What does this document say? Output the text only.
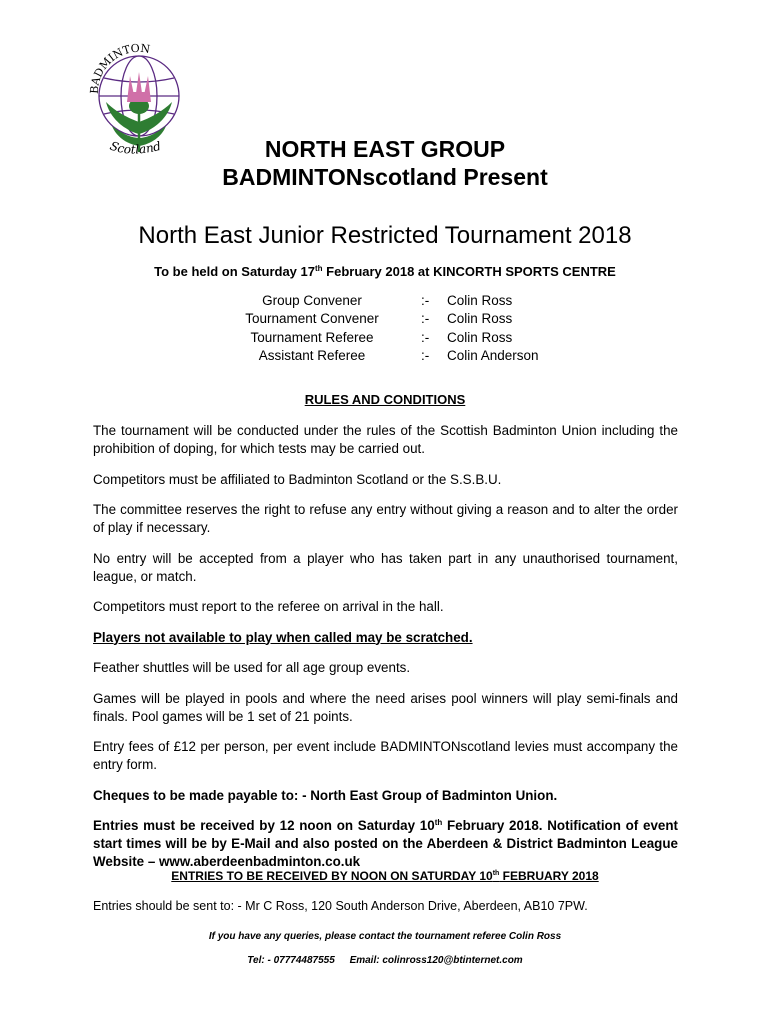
BADMINTON
Scotland	NORTH EAST GROUP
BADMINTONscotland Present
North East Junior Restricted Tournament 2018
To be held on Saturday 17th February 2018 at KINCORTH SPORTS CENTRE
Group Convener	:- Colin Ross
Tournament Convener	:- Colin Ross
Tournament Referee	:- Colin Ross
Assistant Referee	:- Colin Anderson
RULES AND CONDITIONS

The tournament will be conducted under the rules of the Scottish Badminton Union including the prohibition of doping, for which tests may be carried out.

Competitors must be affiliated to Badminton Scotland or the S.S.B.U.

The committee reserves the right to refuse any entry without giving a reason and to alter the order of play if necessary.

No entry will be accepted from a player who has taken part in any unauthorised tournament, league, or match.

Competitors must report to the referee on arrival in the hall.

Players not available to play when called may be scratched.

Feather shuttles will be used for all age group events.

Games will be played in pools and where the need arises pool winners will play semi-finals and finals. Pool games will be 1 set of 21 points.

Entry fees of £12 per person, per event include BADMINTONscotland levies must accompany the entry form.

Cheques to be made payable to: - North East Group of Badminton Union.

Entries must be received by 12 noon on Saturday 10th February 2018. Notification of event start times will be by E-Mail and also posted on the Aberdeen & District Badminton League Website – www.aberdeenbadminton.co.uk

ENTRIES TO BE RECEIVED BY NOON ON SATURDAY 10th FEBRUARY 2018
Entries should be sent to: - Mr C Ross, 120 South Anderson Drive, Aberdeen, AB10 7PW.
If you have any queries, please contact the tournament referee Colin Ross
Tel: - 07774487555 Email: colinross120@btinternet.com
